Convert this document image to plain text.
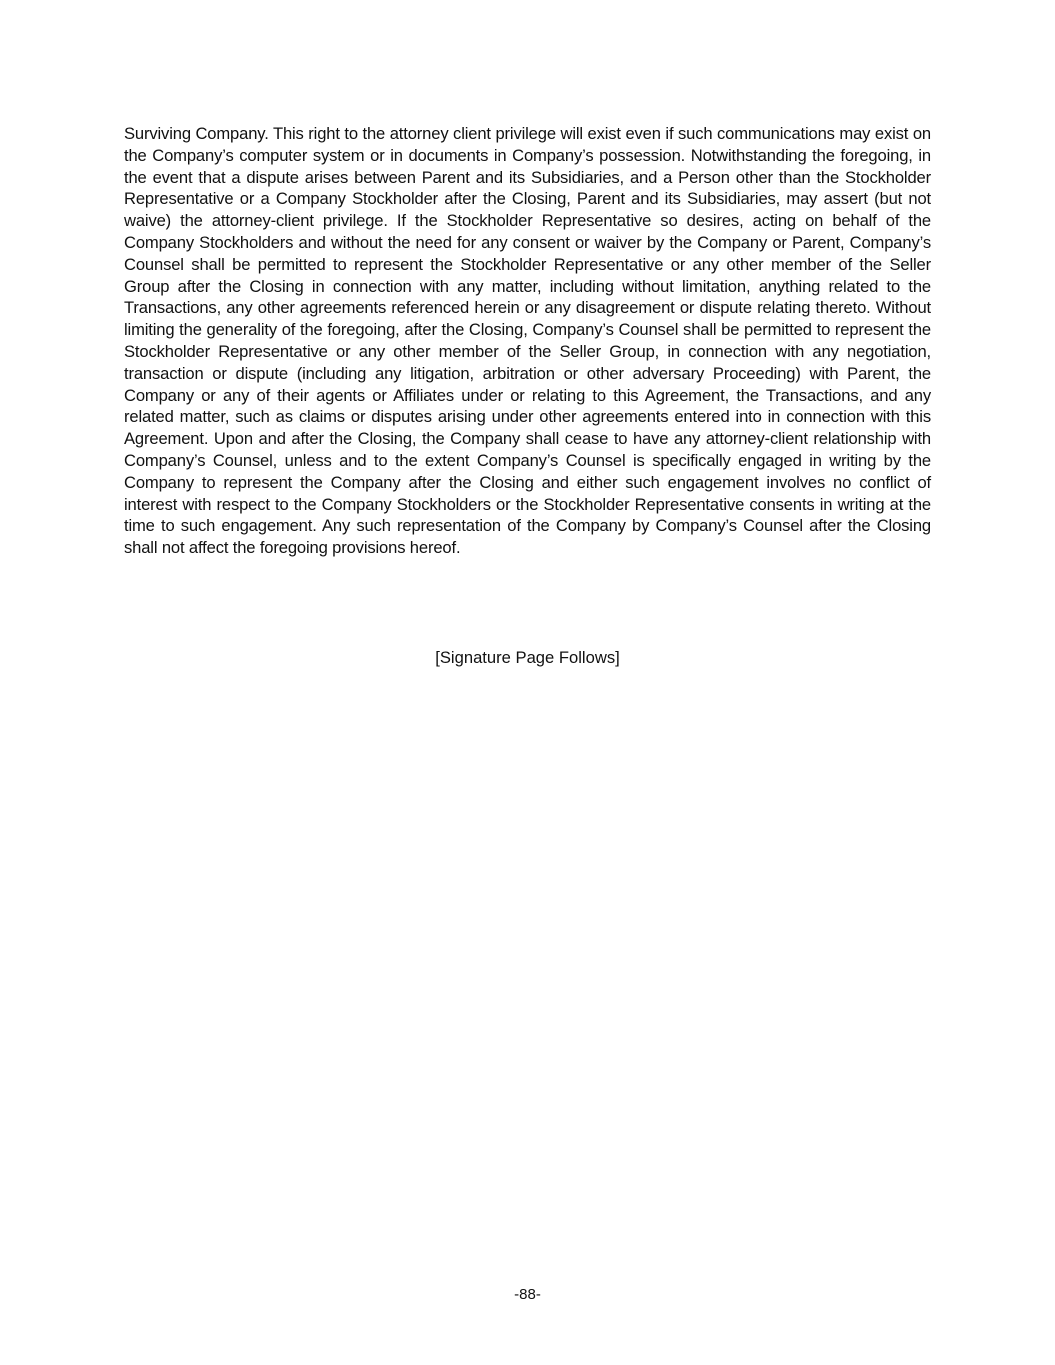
Surviving Company. This right to the attorney client privilege will exist even if such communications may exist on the Company’s computer system or in documents in Company’s possession. Notwithstanding the foregoing, in the event that a dispute arises between Parent and its Subsidiaries, and a Person other than the Stockholder Representative or a Company Stockholder after the Closing, Parent and its Subsidiaries, may assert (but not waive) the attorney-client privilege. If the Stockholder Representative so desires, acting on behalf of the Company Stockholders and without the need for any consent or waiver by the Company or Parent, Company’s Counsel shall be permitted to represent the Stockholder Representative or any other member of the Seller Group after the Closing in connection with any matter, including without limitation, anything related to the Transactions, any other agreements referenced herein or any disagreement or dispute relating thereto. Without limiting the generality of the foregoing, after the Closing, Company’s Counsel shall be permitted to represent the Stockholder Representative or any other member of the Seller Group, in connection with any negotiation, transaction or dispute (including any litigation, arbitration or other adversary Proceeding) with Parent, the Company or any of their agents or Affiliates under or relating to this Agreement, the Transactions, and any related matter, such as claims or disputes arising under other agreements entered into in connection with this Agreement. Upon and after the Closing, the Company shall cease to have any attorney-client relationship with Company’s Counsel, unless and to the extent Company’s Counsel is specifically engaged in writing by the Company to represent the Company after the Closing and either such engagement involves no conflict of interest with respect to the Company Stockholders or the Stockholder Representative consents in writing at the time to such engagement. Any such representation of the Company by Company’s Counsel after the Closing shall not affect the foregoing provisions hereof.

[Signature Page Follows]

-88-
